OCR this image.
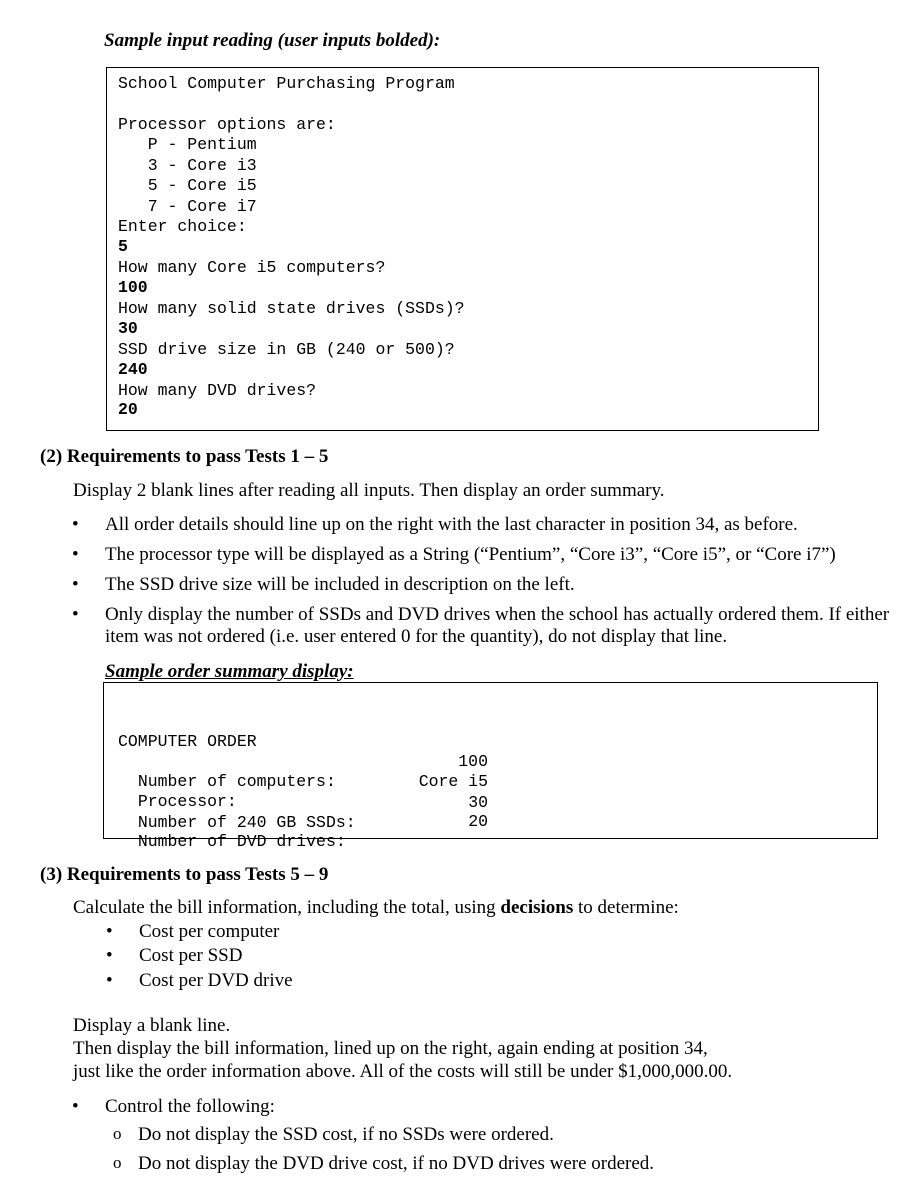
Sample input reading (user inputs bolded):
School Computer Purchasing Program
Processor options are:
P - Pentium
3 - Core i3
5 - Core i5
7 - Core i7
Enter choice:
5
How many Core i5 computers?
100
How many solid state drives (SSDs)?
30
SSD drive size in GB (240 or 500)?
240
How many DVD drives?
20
(2) Requirements to pass Tests 1 – 5
Display 2 blank lines after reading all inputs. Then display an order summary.
• All order details should line up on the right with the last character in position 34, as before.
• The processor type will be displayed as a String (“Pentium”, “Core i3”, “Core i5”, or “Core i7”)
• The SSD drive size will be included in description on the left.
• Only display the number of SSDs and DVD drives when the school has actually ordered them. If either item was not ordered (i.e. user entered 0 for the quantity), do not display that line.
Sample order summary display:
COMPUTER ORDER

Number of computers:

100

Processor:

Core i5

Number of 240 GB SSDs:

30

Number of DVD drives:

20

(3) Requirements to pass Tests 5 – 9
Calculate the bill information, including the total, using decisions to determine:
• Cost per computer
• Cost per SSD
• Cost per DVD drive
Display a blank line.
Then display the bill information, lined up on the right, again ending at position 34,
just like the order information above. All of the costs will still be under $1,000,000.00.
• Control the following:
o Do not display the SSD cost, if no SSDs were ordered.
o Do not display the DVD drive cost, if no DVD drives were ordered.
